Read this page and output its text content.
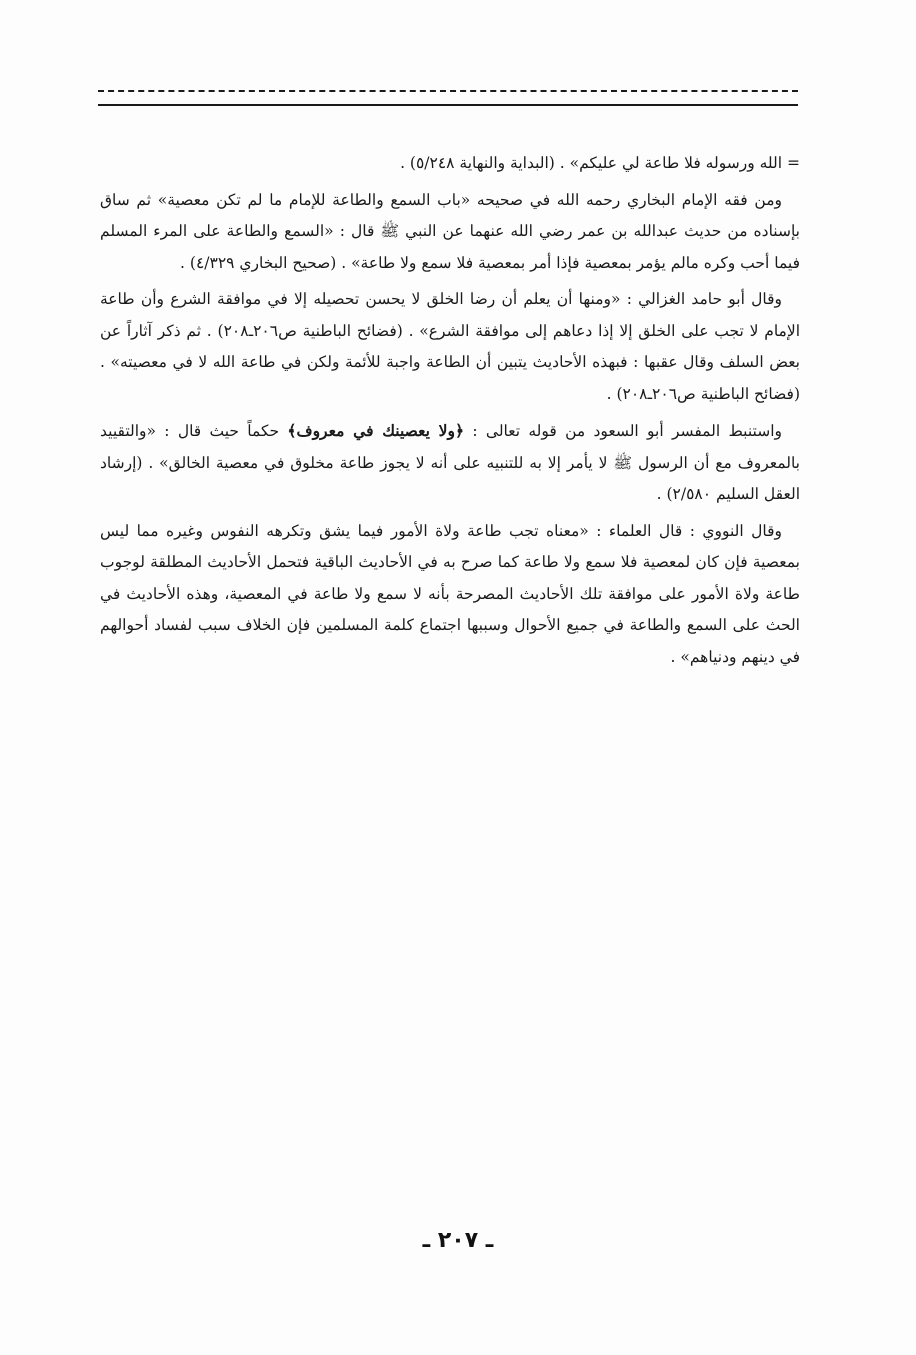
= الله ورسوله فلا طاعة لي عليكم» . (البداية والنهاية ٥/٢٤٨) .

ومن فقه الإمام البخاري رحمه الله في صحيحه «باب السمع والطاعة للإمام ما لم تكن معصية» ثم ساق بإسناده من حديث عبدالله بن عمر رضي الله عنهما عن النبي ﷺ قال : «السمع والطاعة على المرء المسلم فيما أحب وكره مالم يؤمر بمعصية فإذا أمر بمعصية فلا سمع ولا طاعة» . (صحيح البخاري ٤/٣٢٩) .

وقال أبو حامد الغزالي : «ومنها أن يعلم أن رضا الخلق لا يحسن تحصيله إلا في موافقة الشرع وأن طاعة الإمام لا تجب على الخلق إلا إذا دعاهم إلى موافقة الشرع» . (فضائح الباطنية ص٢٠٦ـ٢٠٨) . ثم ذكر آثاراً عن بعض السلف وقال عقبها : فبهذه الأحاديث يتبين أن الطاعة واجبة للأئمة ولكن في طاعة الله لا في معصيته» . (فضائح الباطنية ص٢٠٦ـ٢٠٨) .

واستنبط المفسر أبو السعود من قوله تعالى : ﴿ولا يعصينك في معروف﴾ حكماً حيث قال : «والتقييد بالمعروف مع أن الرسول ﷺ لا يأمر إلا به للتنبيه على أنه لا يجوز طاعة مخلوق في معصية الخالق» . (إرشاد العقل السليم ٢/٥٨٠) .

وقال النووي : قال العلماء : «معناه تجب طاعة ولاة الأمور فيما يشق وتكرهه النفوس وغيره مما ليس بمعصية فإن كان لمعصية فلا سمع ولا طاعة كما صرح به في الأحاديث الباقية فتحمل الأحاديث المطلقة لوجوب طاعة ولاة الأمور على موافقة تلك الأحاديث المصرحة بأنه لا سمع ولا طاعة في المعصية، وهذه الأحاديث في الحث على السمع والطاعة في جميع الأحوال وسببها اجتماع كلمة المسلمين فإن الخلاف سبب لفساد أحوالهم في دينهم ودنياهم» .

ـ ٢٠٧ ـ
